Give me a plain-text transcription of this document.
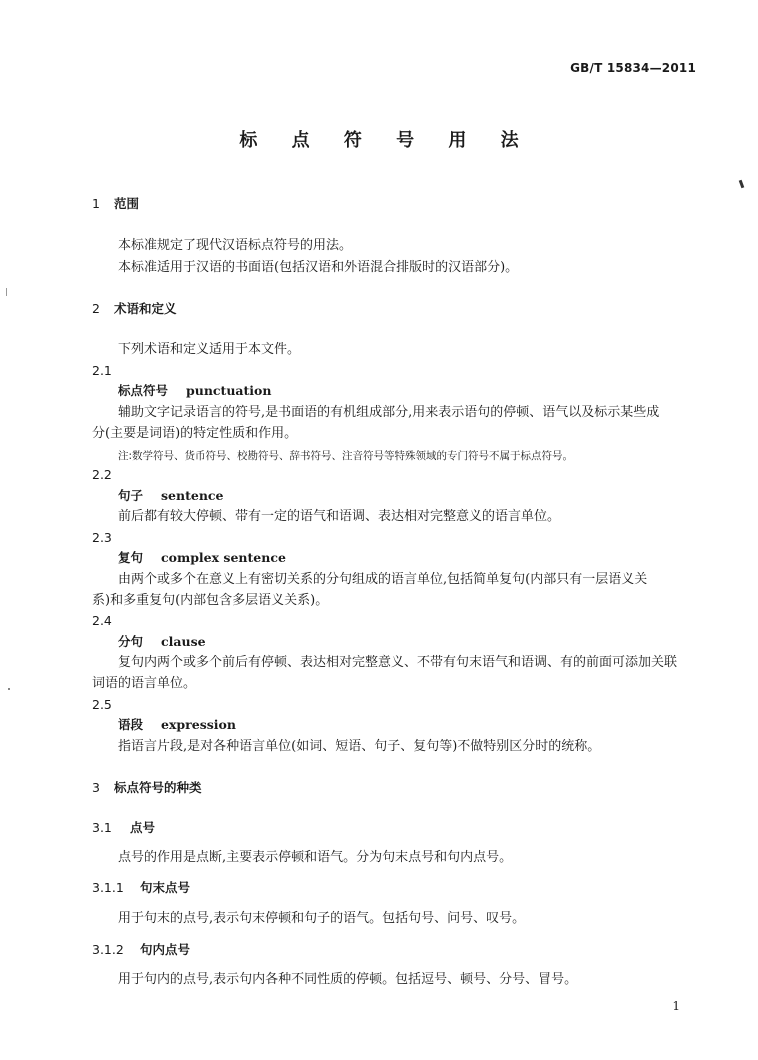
GB/T 15834—2011
标 点 符 号 用 法
1 范围
本标准规定了现代汉语标点符号的用法。
本标准适用于汉语的书面语(包括汉语和外语混合排版时的汉语部分)。
2 术语和定义
下列术语和定义适用于本文件。
2.1
标点符号 punctuation
辅助文字记录语言的符号,是书面语的有机组成部分,用来表示语句的停顿、语气以及标示某些成
分(主要是词语)的特定性质和作用。
注:数学符号、货币符号、校勘符号、辞书符号、注音符号等特殊领域的专门符号不属于标点符号。
2.2
句子 sentence
前后都有较大停顿、带有一定的语气和语调、表达相对完整意义的语言单位。
2.3
复句 complex sentence
由两个或多个在意义上有密切关系的分句组成的语言单位,包括简单复句(内部只有一层语义关
系)和多重复句(内部包含多层语义关系)。
2.4
分句 clause
复句内两个或多个前后有停顿、表达相对完整意义、不带有句末语气和语调、有的前面可添加关联
词语的语言单位。
2.5
语段 expression
指语言片段,是对各种语言单位(如词、短语、句子、复句等)不做特别区分时的统称。
3 标点符号的种类
3.1 点号
点号的作用是点断,主要表示停顿和语气。分为句末点号和句内点号。
3.1.1 句末点号
用于句末的点号,表示句末停顿和句子的语气。包括句号、问号、叹号。
3.1.2 句内点号
用于句内的点号,表示句内各种不同性质的停顿。包括逗号、顿号、分号、冒号。
1
